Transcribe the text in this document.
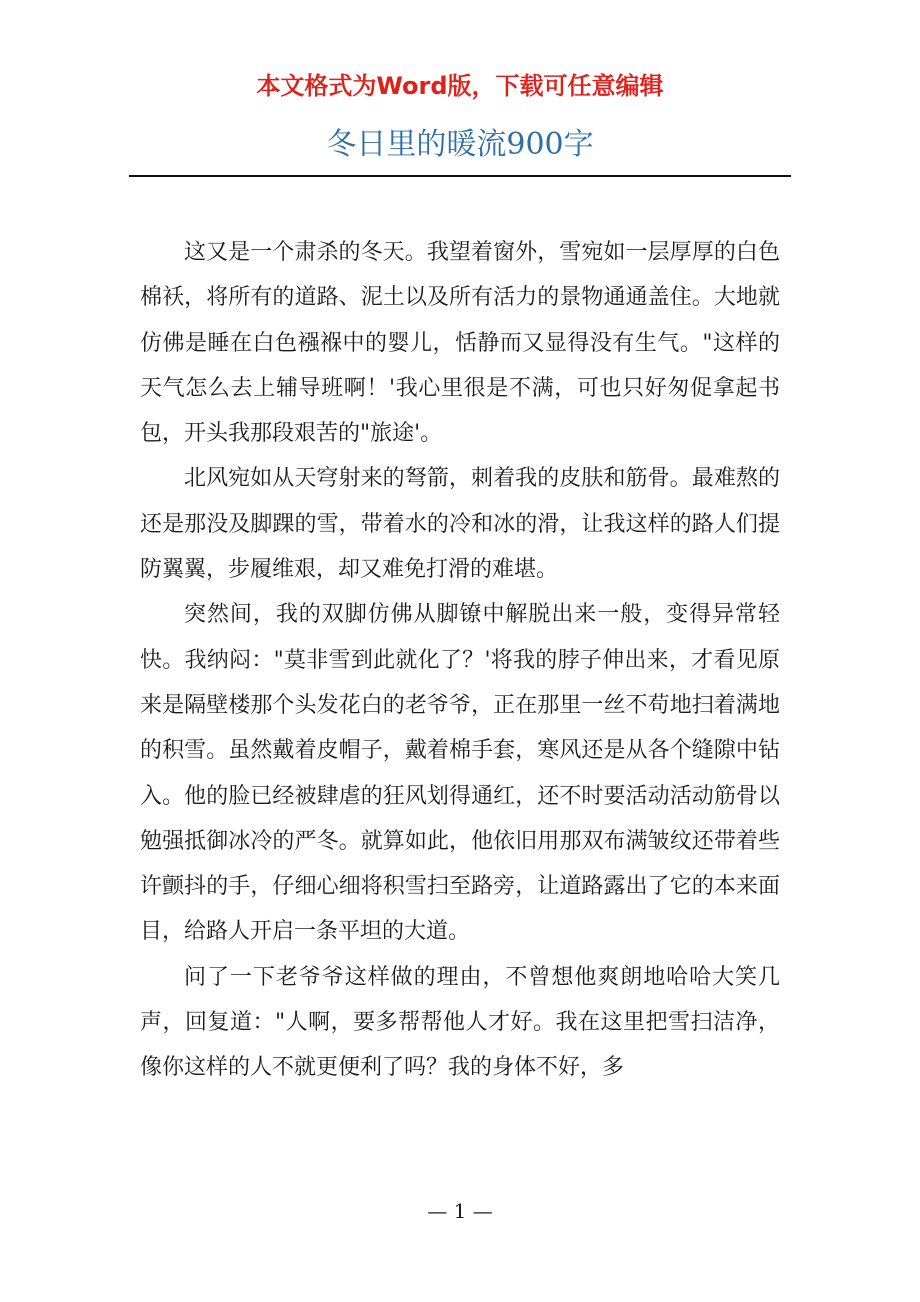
本文格式为Word版，下载可任意编辑
冬日里的暖流900字

这又是一个肃杀的冬天。我望着窗外，雪宛如一层厚厚的白色棉袄，将所有的道路、泥土以及所有活力的景物通通盖住。大地就仿佛是睡在白色襁褓中的婴儿，恬静而又显得没有生气。"这样的天气怎么去上辅导班啊！'我心里很是不满，可也只好匆促拿起书包，开头我那段艰苦的"旅途'。

北风宛如从天穹射来的弩箭，刺着我的皮肤和筋骨。最难熬的还是那没及脚踝的雪，带着水的冷和冰的滑，让我这样的路人们提防翼翼，步履维艰，却又难免打滑的难堪。

突然间，我的双脚仿佛从脚镣中解脱出来一般，变得异常轻快。我纳闷："莫非雪到此就化了？'将我的脖子伸出来，才看见原来是隔壁楼那个头发花白的老爷爷，正在那里一丝不苟地扫着满地的积雪。虽然戴着皮帽子，戴着棉手套，寒风还是从各个缝隙中钻入。他的脸已经被肆虐的狂风划得通红，还不时要活动活动筋骨以勉强抵御冰冷的严冬。就算如此，他依旧用那双布满皱纹还带着些许颤抖的手，仔细心细将积雪扫至路旁，让道路露出了它的本来面目，给路人开启一条平坦的大道。

问了一下老爷爷这样做的理由，不曾想他爽朗地哈哈大笑几声，回复道："人啊，要多帮帮他人才好。我在这里把雪扫洁净，像你这样的人不就更便利了吗？我的身体不好，多

— 1 —
